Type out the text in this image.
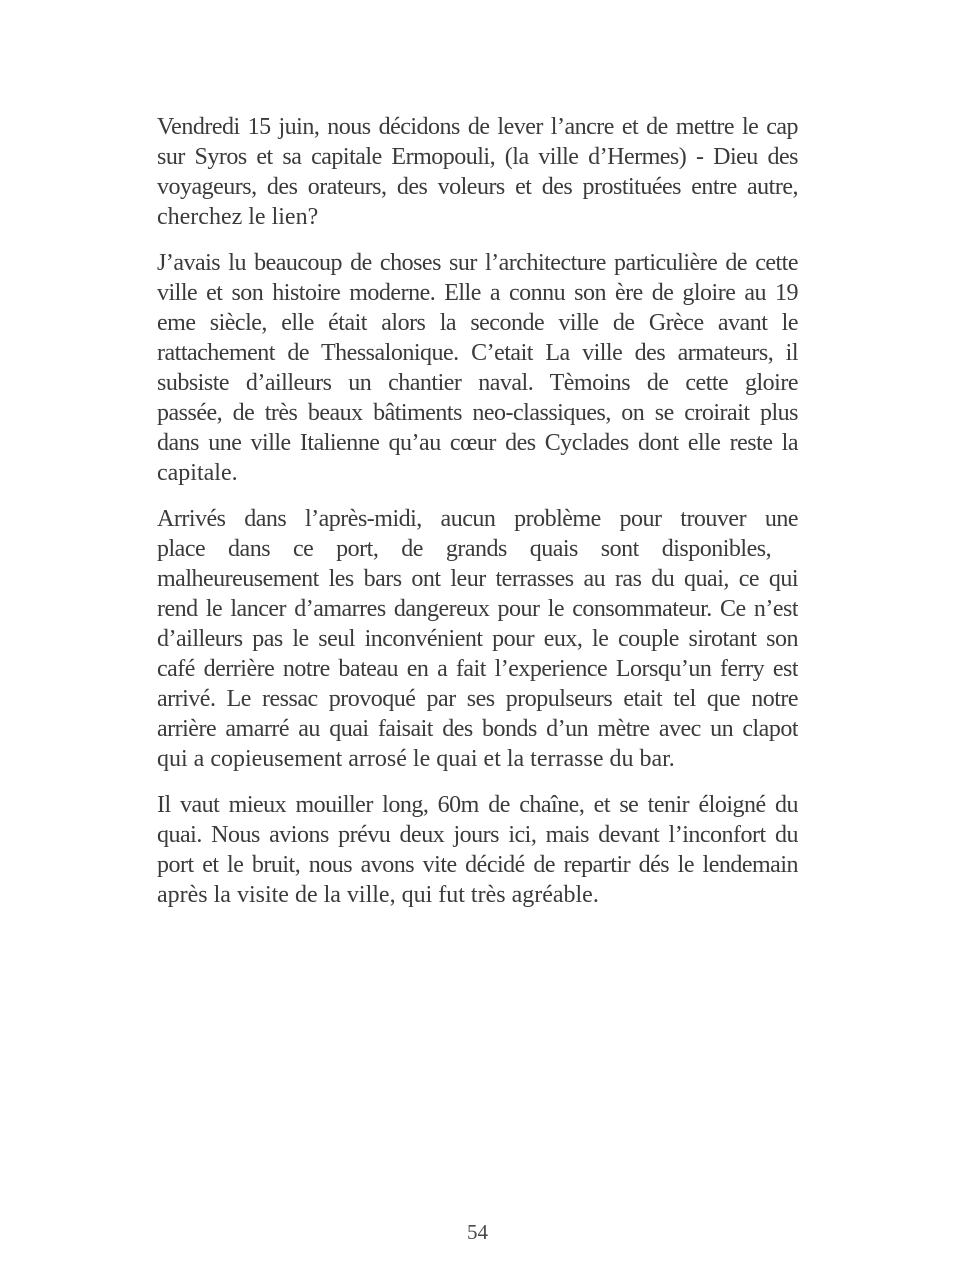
Vendredi 15 juin, nous décidons de lever l’ancre et de mettre le cap
sur Syros et sa capitale Ermopouli, (la ville d’Hermes) - Dieu des
voyageurs, des orateurs, des voleurs et des prostituées entre autre,
cherchez le lien?

J’avais lu beaucoup de choses sur l’architecture particulière de cette
ville et son histoire moderne. Elle a connu son ère de gloire au 19
eme siècle, elle était alors la seconde ville de Grèce avant le
rattachement de Thessalonique. C’etait La ville des armateurs, il
subsiste d’ailleurs un chantier naval. Tèmoins de cette gloire
passée, de très beaux bâtiments neo-classiques, on se croirait plus
dans une ville Italienne qu’au cœur des Cyclades dont elle reste la
capitale.

Arrivés dans l’après-midi, aucun problème pour trouver une
place dans ce port, de grands quais sont disponibles,
malheureusement les bars ont leur terrasses au ras du quai, ce qui
rend le lancer d’amarres dangereux pour le consommateur. Ce n’est
d’ailleurs pas le seul inconvénient pour eux, le couple sirotant son
café derrière notre bateau en a fait l’experience Lorsqu’un ferry est
arrivé. Le ressac provoqué par ses propulseurs etait tel que notre
arrière amarré au quai faisait des bonds d’un mètre avec un clapot
qui a copieusement arrosé le quai et la terrasse du bar.

Il vaut mieux mouiller long, 60m de chaîne, et se tenir éloigné du
quai. Nous avions prévu deux jours ici, mais devant l’inconfort du
port et le bruit, nous avons vite décidé de repartir dés le lendemain
après la visite de la ville, qui fut très agréable.

54
